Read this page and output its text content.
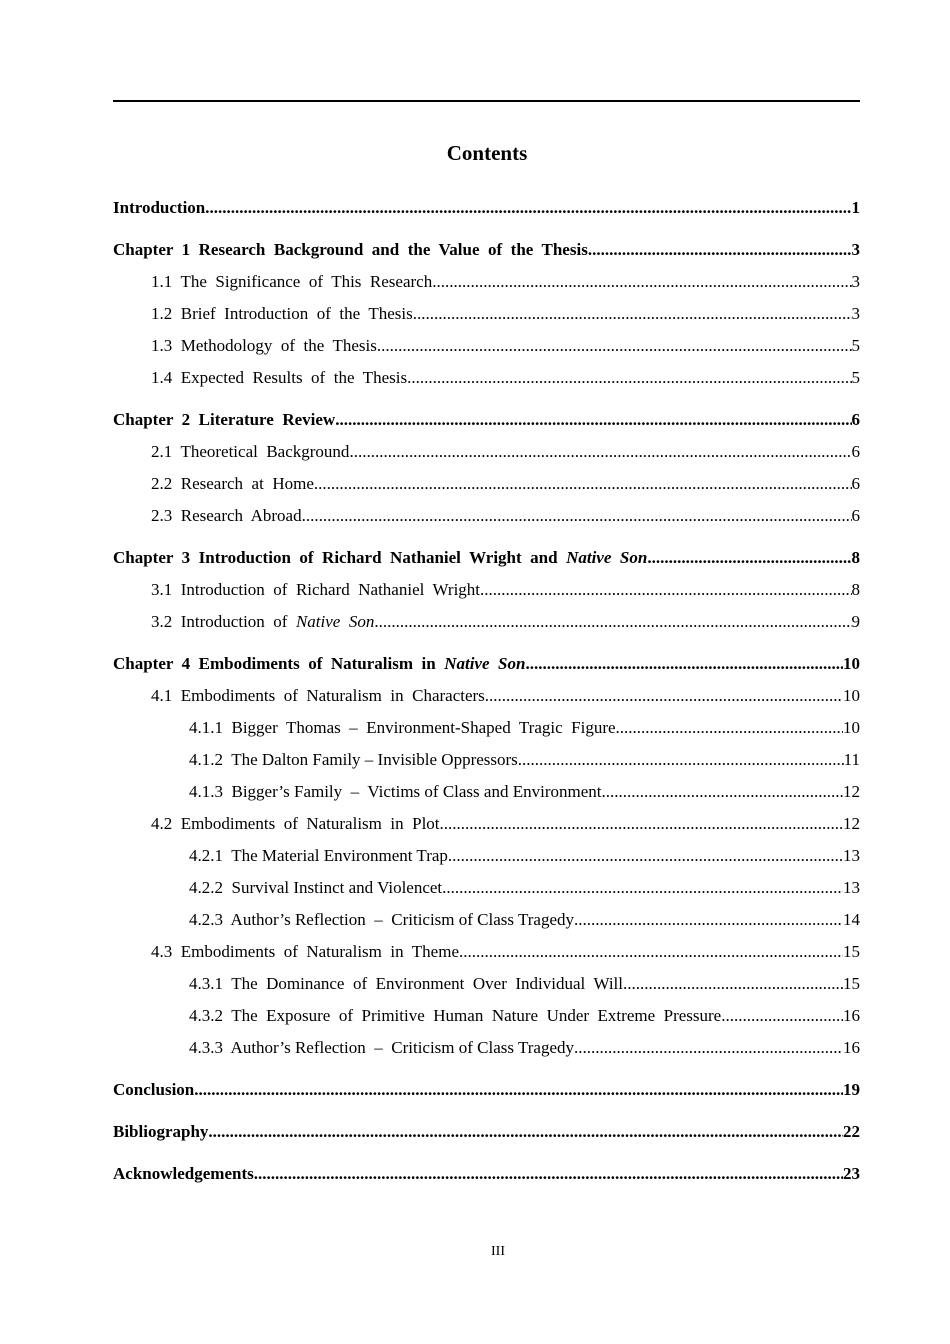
Contents
Introduction .....	1
Chapter  1  Research  Background  and  the  Value  of  the  Thesis .....	3
1.1  The  Significance  of  This  Research .....	3
1.2  Brief  Introduction  of  the  Thesis .....	3
1.3  Methodology  of  the  Thesis .....	5
1.4  Expected  Results  of  the  Thesis .....	5
Chapter  2  Literature  Review .....	6
2.1  Theoretical  Background .....	6
2.2  Research  at  Home .....	6
2.3  Research  Abroad .....	6
Chapter  3  Introduction  of  Richard  Nathaniel  Wright  and  Native  Son .....	8
3.1  Introduction  of  Richard  Nathaniel  Wright .....	8
3.2  Introduction  of  Native  Son .....	9
Chapter  4  Embodiments  of  Naturalism  in  Native  Son .....	10
4.1  Embodiments  of  Naturalism  in  Characters .....	10
4.1.1  Bigger  Thomas  –  Environment-Shaped  Tragic  Figure .....	10
4.1.2  The Dalton Family – Invisible Oppressors .....	11
4.1.3  Bigger’s Family  –  Victims of Class and Environment .....	12
4.2  Embodiments  of  Naturalism  in  Plot .....	12
4.2.1  The Material Environment Trap .....	13
4.2.2  Survival Instinct and Violencet .....	13
4.2.3  Author’s Reflection  –  Criticism of Class Tragedy .....	14
4.3  Embodiments  of  Naturalism  in  Theme .....	15
4.3.1  The  Dominance  of  Environment  Over  Individual  Will .....	15
4.3.2  The  Exposure  of  Primitive  Human  Nature  Under  Extreme  Pressure .....	16
4.3.3  Author’s Reflection  –  Criticism of Class Tragedy .....	16
Conclusion .....	19
Bibliography .....	22
Acknowledgements .....	23
III
